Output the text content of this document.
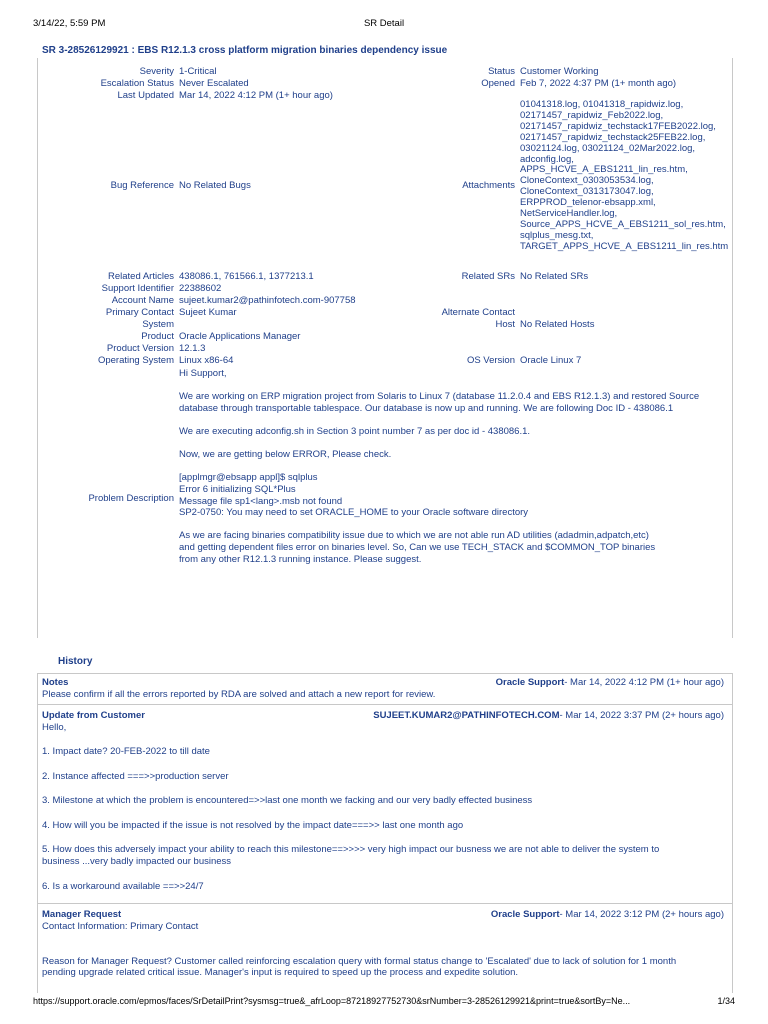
3/14/22, 5:59 PM	SR Detail
SR 3-28526129921 : EBS R12.1.3 cross platform migration binaries dependency issue
Severity 1-Critical
Escalation Status Never Escalated
Last Updated Mar 14, 2022 4:12 PM (1+ hour ago)
Status Customer Working
Opened Feb 7, 2022 4:37 PM (1+ month ago)
Bug Reference No Related Bugs	Attachments
01041318.log, 01041318_rapidwiz.log,
02171457_rapidwiz_Feb2022.log,
02171457_rapidwiz_techstack17FEB2022.log,
02171457_rapidwiz_techstack25FEB22.log,
03021124.log, 03021124_02Mar2022.log,
adconfig.log,
APPS_HCVE_A_EBS1211_lin_res.htm,
CloneContext_0303053534.log,
CloneContext_0313173047.log,
ERPPROD_telenor-ebsapp.xml,
NetServiceHandler.log,
Source_APPS_HCVE_A_EBS1211_sol_res.htm,
sqlplus_mesg.txt,
TARGET_APPS_HCVE_A_EBS1211_lin_res.htm
Related Articles 438086.1, 761566.1, 1377213.1	Related SRs No Related SRs
Support Identifier 22388602
Account Name sujeet.kumar2@pathinfotech.com-907758
Primary Contact Sujeet Kumar	Alternate Contact
System	Host No Related Hosts
Product Oracle Applications Manager
Product Version 12.1.3
Operating System Linux x86-64	OS Version Oracle Linux 7
Problem Description
Hi Support,

We are working on ERP migration project from Solaris to Linux 7 (database 11.2.0.4 and EBS R12.1.3) and restored Source database through transportable tablespace. Our database is now up and running. We are following Doc ID - 438086.1

We are executing adconfig.sh in Section 3 point number 7 as per doc id - 438086.1.

Now, we are getting below ERROR, Please check.

[applmgr@ebsapp appl]$ sqlplus
Error 6 initializing SQL*Plus
Message file sp1<lang>.msb not found
SP2-0750: You may need to set ORACLE_HOME to your Oracle software directory

As we are facing binaries compatibility issue due to which we are not able run AD utilities (adadmin,adpatch,etc)
and getting dependent files error on binaries level. So, Can we use TECH_STACK and $COMMON_TOP binaries
from any other R12.1.3 running instance. Please suggest.
History
Notes	Oracle Support- Mar 14, 2022 4:12 PM (1+ hour ago)
Please confirm if all the errors reported by RDA are solved and attach a new report for review.
Update from Customer	SUJEET.KUMAR2@PATHINFOTECH.COM- Mar 14, 2022 3:37 PM (2+ hours ago)
Hello,

1. Impact date? 20-FEB-2022 to till date

2. Instance affected ===>>production server

3. Milestone at which the problem is encountered=>>last one month we facking and our very badly effected business

4. How will you be impacted if the issue is not resolved by the impact date===>> last one month ago

5. How does this adversely impact your ability to reach this milestone==>>>> very high impact our busness we are not able to deliver the system to
business ...very badly impacted our business

6. Is a workaround available ==>>24/7
Manager Request	Oracle Support- Mar 14, 2022 3:12 PM (2+ hours ago)
Contact Information: Primary Contact

Reason for Manager Request? Customer called reinforcing escalation query with formal status change to 'Escalated' due to lack of solution for 1 month
pending upgrade related critical issue. Manager's input is required to speed up the process and expedite solution.
https://support.oracle.com/epmos/faces/SrDetailPrint?sysmsg=true&_afrLoop=87218927752730&srNumber=3-28526129921&print=true&sortBy=Ne...	1/34
